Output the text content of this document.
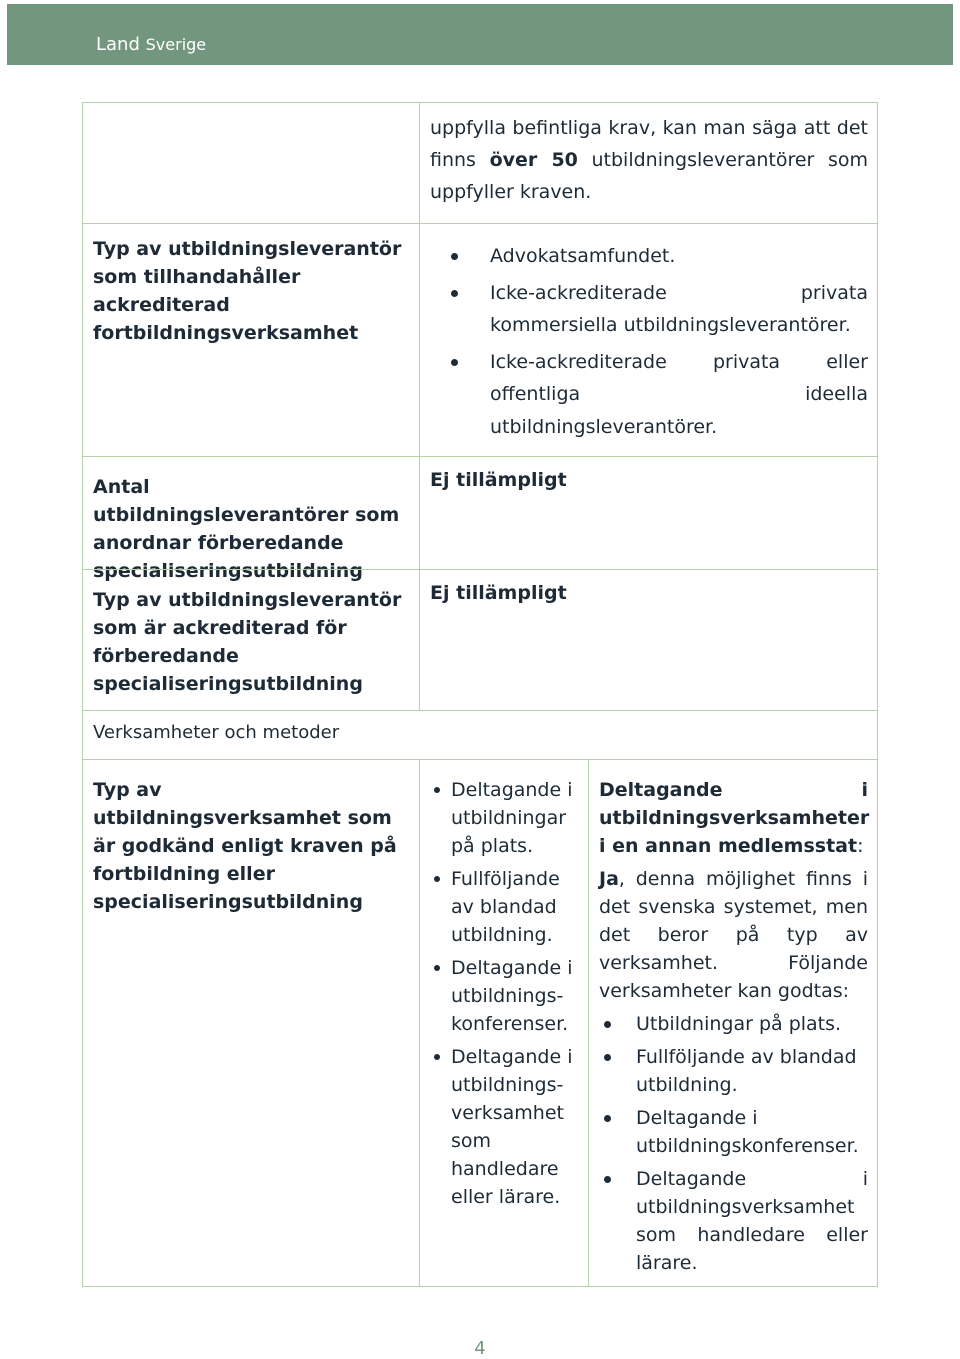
Land Sverige
uppfylla befintliga krav, kan man säga att det finns över 50 utbildningsleverantörer som uppfyller kraven.
Typ av utbildningsleverantör som tillhandahåller ackrediterad fortbildningsverksamhet
Advokatsamfundet.
Icke-ackrediterade privata kommersiella utbildningsleverantörer.
Icke-ackrediterade privata eller offentliga ideella utbildningsleverantörer.
Antal utbildningsleverantörer som anordnar förberedande specialiseringsutbildning
Ej tillämpligt
Typ av utbildningsleverantör som är ackrediterad för förberedande specialiseringsutbildning
Ej tillämpligt
Verksamheter och metoder
Typ av utbildningsverksamhet som är godkänd enligt kraven på fortbildning eller specialiseringsutbildning
Deltagande i utbildningar på plats.
Fullföljande av blandad utbildning.
Deltagande i utbildnings-konferenser.
Deltagande i utbildnings-verksamhet som handledare eller lärare.
Deltagande i utbildningsverksamheter i en annan medlemsstat:
Ja, denna möjlighet finns i det svenska systemet, men det beror på typ av verksamhet. Följande verksamheter kan godtas:
Utbildningar på plats.
Fullföljande av blandad utbildning.
Deltagande i utbildningskonferenser.
Deltagande i utbildningsverksamhet som handledare eller lärare.
4
